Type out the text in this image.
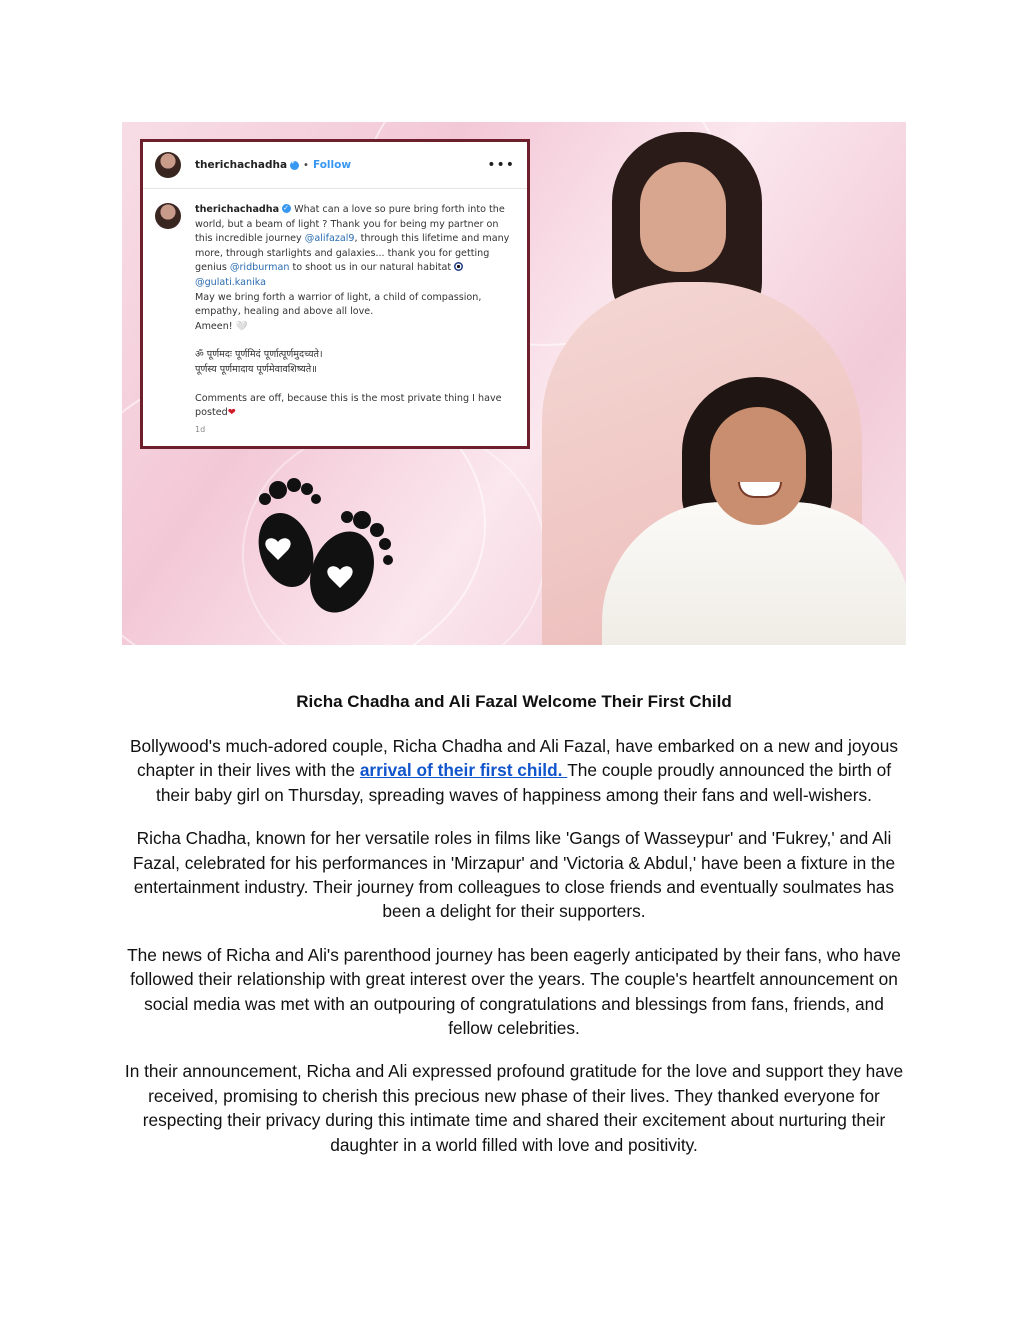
therichachadha ✓ • Follow	•••
therichachadha ✓ What can a love so pure bring forth into the world, but a beam of light ? Thank you for being my partner on this incredible journey @alifazal9, through this lifetime and many more, through starlights and galaxies... thank you for getting genius @ridburman to shoot us in our natural habitat
@gulati.kanika
May we bring forth a warrior of light, a child of compassion, empathy, healing and above all love.
Ameen! 🤍
ॐ पूर्णमदः पूर्णमिदं पूर्णात्पूर्णमुदच्यते।
पूर्णस्य पूर्णमादाय पूर्णमेवावशिष्यते॥
Comments are off, because this is the most private thing I have posted❤
1d
Richa Chadha and Ali Fazal Welcome Their First Child

Bollywood's much-adored couple, Richa Chadha and Ali Fazal, have embarked on a new and joyous chapter in their lives with the arrival of their first child. The couple proudly announced the birth of their baby girl on Thursday, spreading waves of happiness among their fans and well-wishers.

Richa Chadha, known for her versatile roles in films like 'Gangs of Wasseypur' and 'Fukrey,' and Ali Fazal, celebrated for his performances in 'Mirzapur' and 'Victoria & Abdul,' have been a fixture in the entertainment industry. Their journey from colleagues to close friends and eventually soulmates has been a delight for their supporters.

The news of Richa and Ali's parenthood journey has been eagerly anticipated by their fans, who have followed their relationship with great interest over the years. The couple's heartfelt announcement on social media was met with an outpouring of congratulations and blessings from fans, friends, and fellow celebrities.

In their announcement, Richa and Ali expressed profound gratitude for the love and support they have received, promising to cherish this precious new phase of their lives. They thanked everyone for respecting their privacy during this intimate time and shared their excitement about nurturing their daughter in a world filled with love and positivity.
